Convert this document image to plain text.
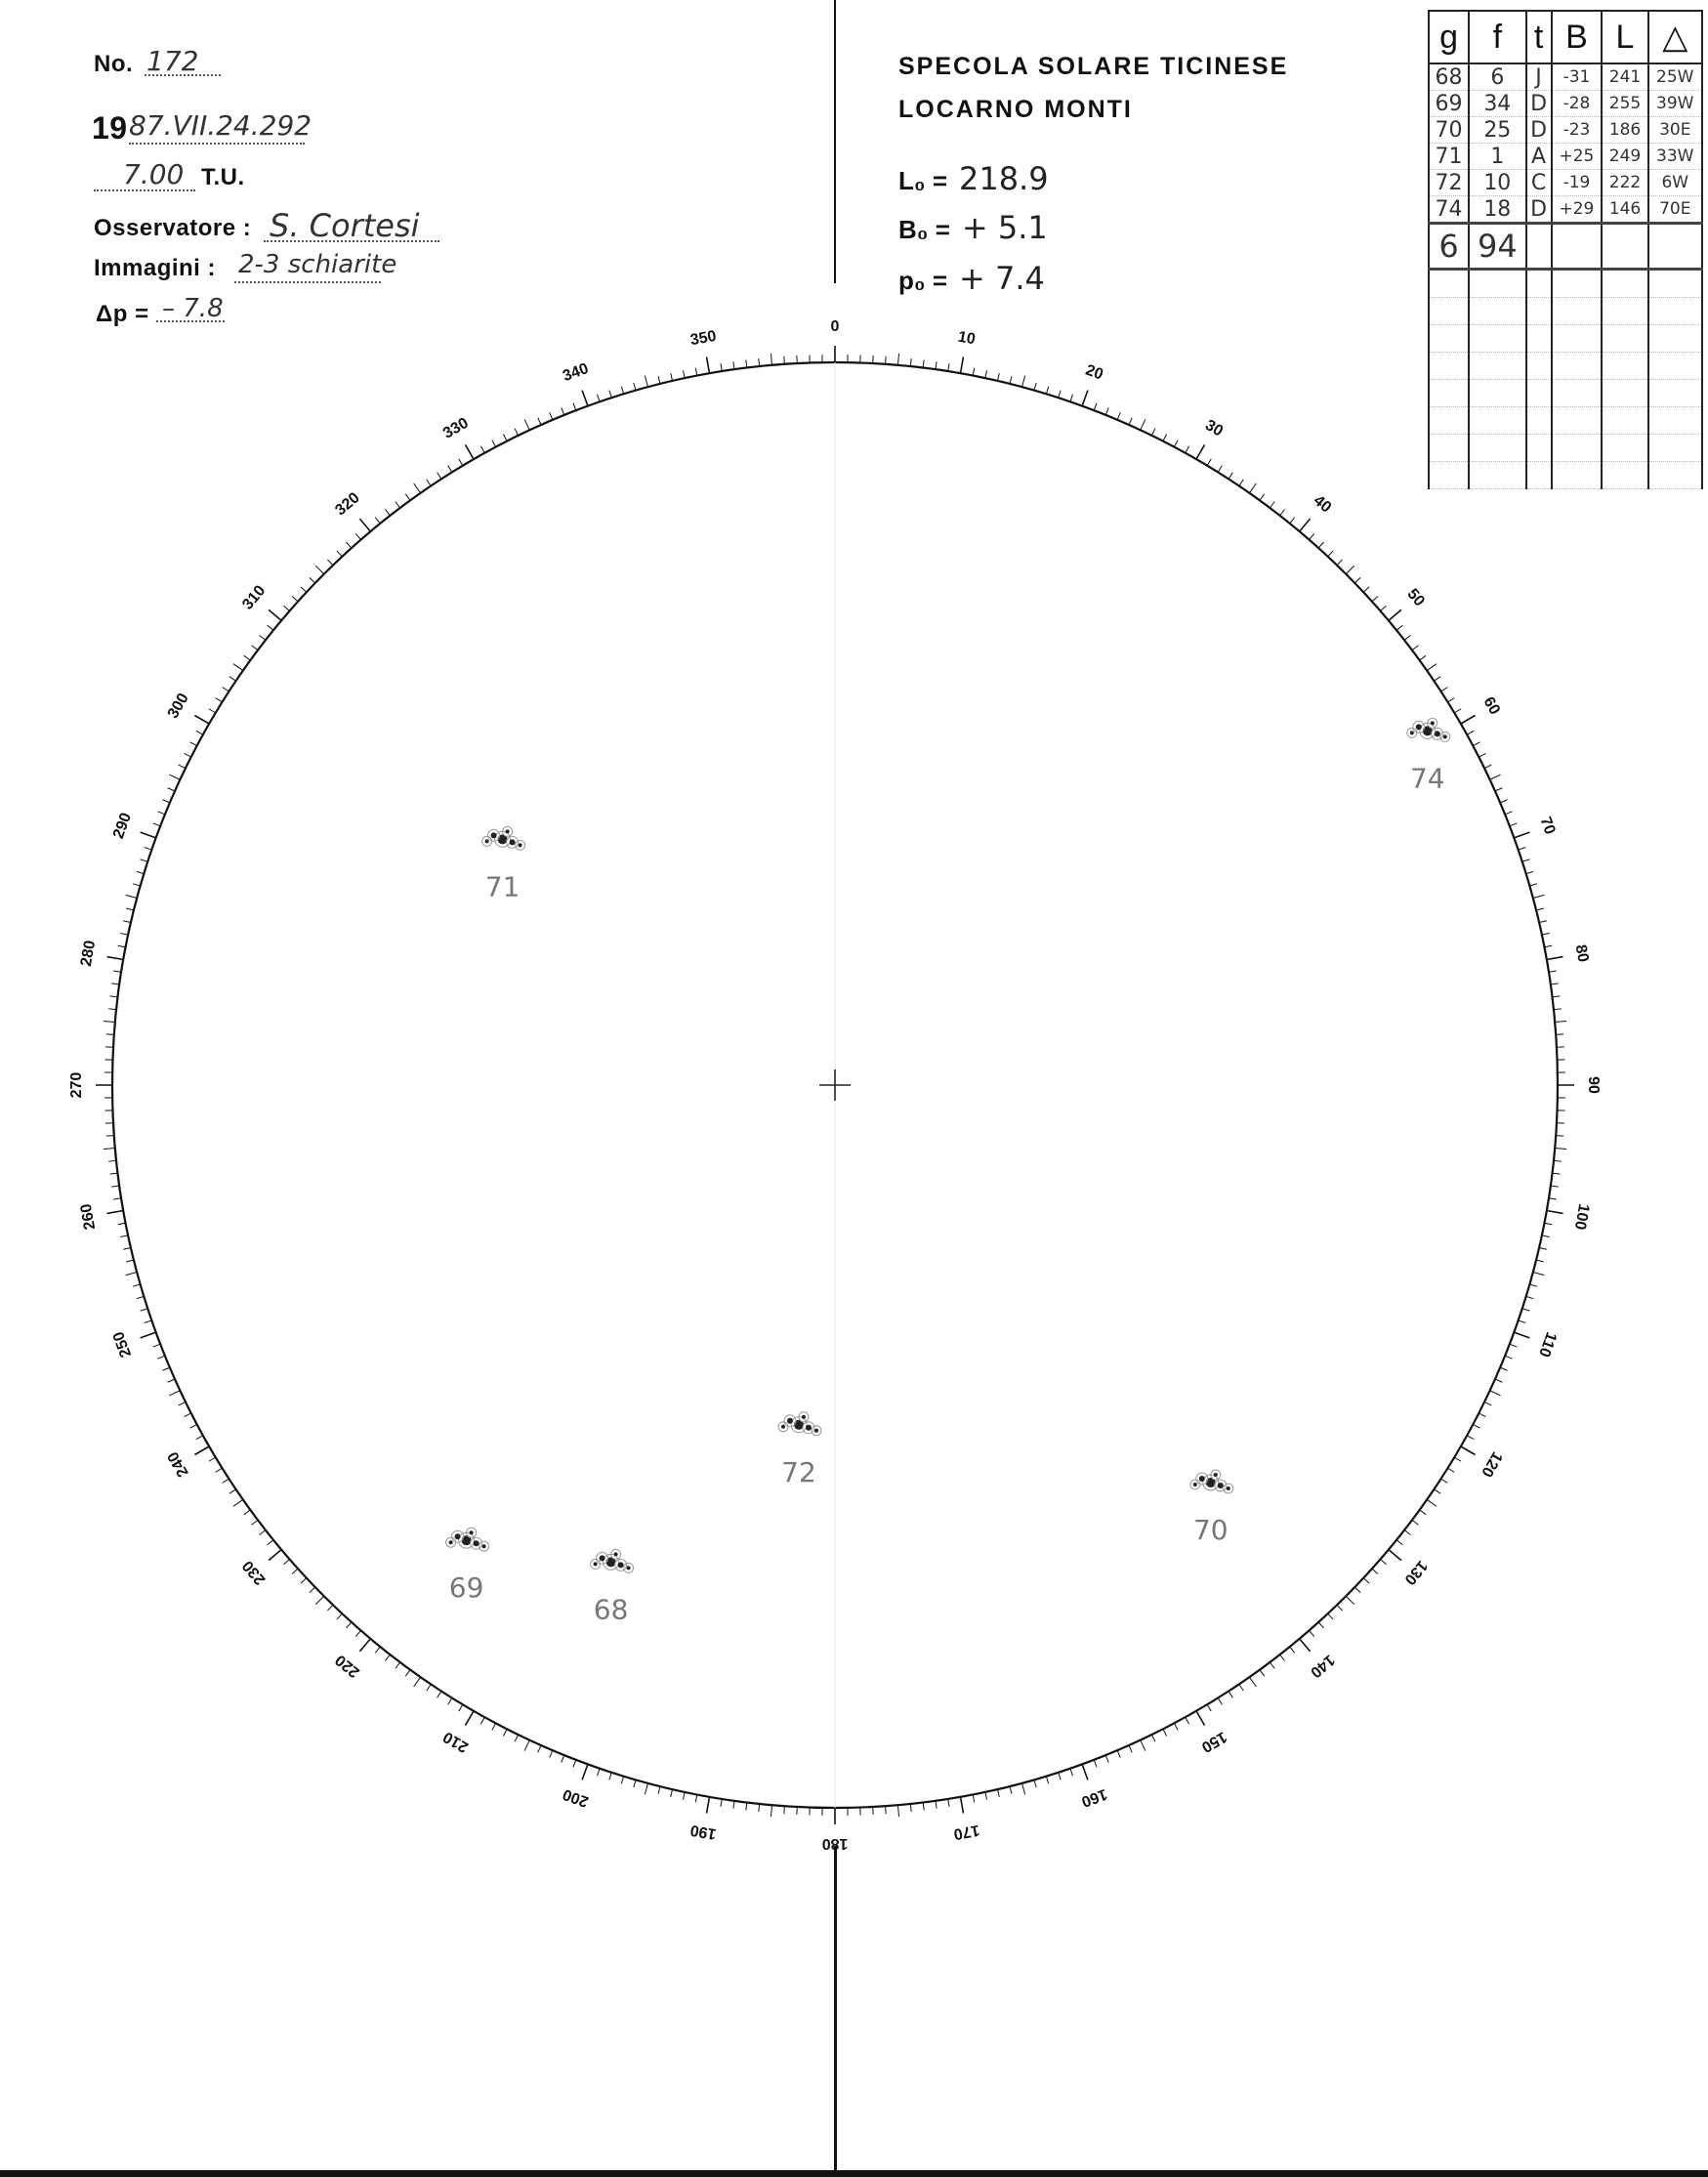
No. 172
19 87.VII.24.292
7.00 T.U.
Osservatore : S. Cortesi
Immagini : 2-3 schiarite
Δp = – 7.8
SPECOLA SOLARE TICINESE
LOCARNO MONTI
L₀ = 218.9
B₀ = + 5.1
p₀ = + 7.4
g	f	t	B	L	△
68	6	J	-31	241	25W
69	34	D	-28	255	39W
70	25	D	-23	186	30E
71	1	A	+25	249	33W
72	10	C	-19	222	6W
74	18	D	+29	146	70E
6	94				

0
10
20
30
40
50
60
70
80
90
100
110
120
130
140
150
160
170
180
190
200
210
220
230
240
250
260
270
280
290
300
310
320
330
340
350
74
71
72
70
69
68
